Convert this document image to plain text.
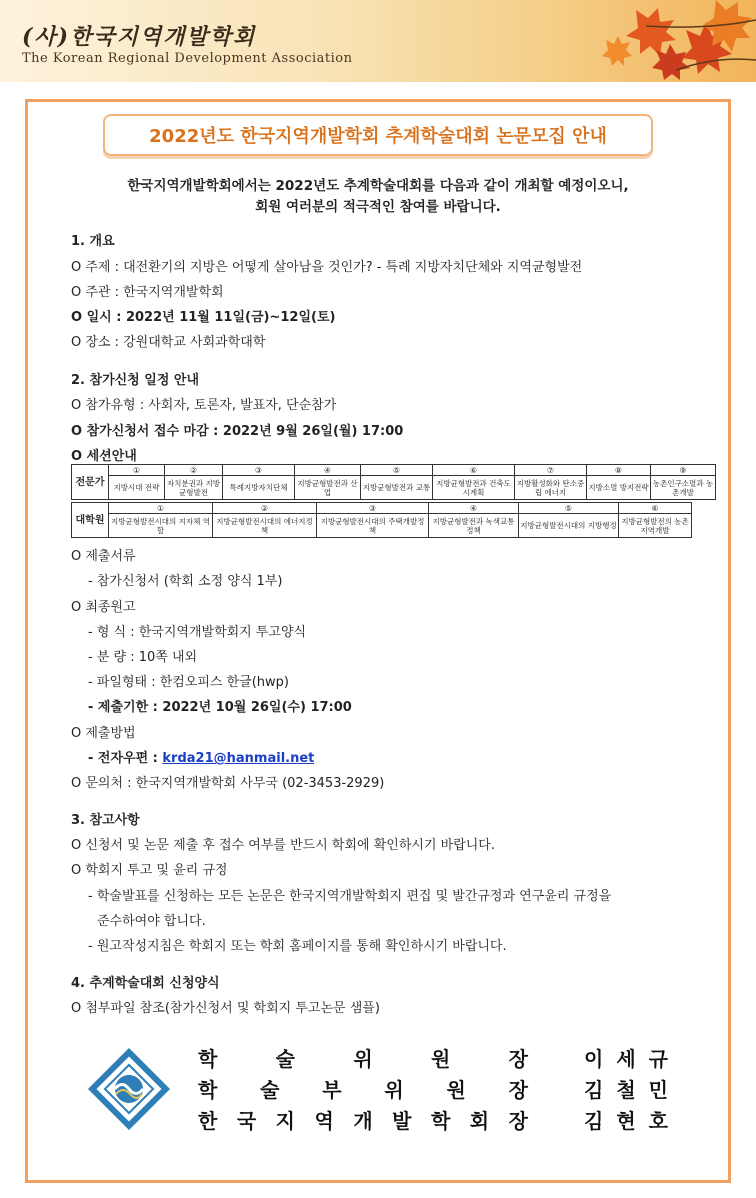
(사)한국지역개발학회
The Korean Regional Development Association
2022년도 한국지역개발학회 추계학술대회 논문모집 안내
한국지역개발학회에서는 2022년도 추계학술대회를 다음과 같이 개최할 예정이오니,
회원 여러분의 적극적인 참여를 바랍니다.
1. 개요
O 주제 : 대전환기의 지방은 어떻게 살아남을 것인가? - 특례 지방자치단체와 지역균형발전
O 주관 : 한국지역개발학회
O 일시 : 2022년 11월 11일(금)~12일(토)
O 장소 : 강원대학교 사회과학대학
2. 참가신청 일정 안내
O 참가유형 : 사회자, 토론자, 발표자, 단순참가
O 참가신청서 접수 마감 : 2022년 9월 26일(월) 17:00
O 세션안내
전문가	①	②	③	④	⑤	⑥	⑦	⑧	⑨
	지방시대 전략	자치분권과 지방균형발전	특례지방자치단체	지방균형발전과 산업	지방균형발전과 교통	지방균형발전과 건축도시계획	지방활성화와 탄소중립 에너지	지방소멸 방지전략	농촌인구소멸과 농촌개발
대학원	①	②	③	④	⑤	⑥
	지방균형발전시대의 지자체 역할	지방균형발전시대의 에너지정책	지방균형발전시대의 주택개발정책	지방균형발전과 녹색교통정책	지방균형발전시대의 지방행정	지방균형발전의 농촌지역개발
O 제출서류
- 참가신청서 (학회 소정 양식 1부)
O 최종원고
- 형 식 : 한국지역개발학회지 투고양식
- 분 량 : 10쪽 내외
- 파일형태 : 한컴오피스 한글(hwp)
- 제출기한 : 2022년 10월 26일(수) 17:00
O 제출방법
- 전자우편 : krda21@hanmail.net
O 문의처 : 한국지역개발학회 사무국 (02-3453-2929)
3. 참고사항
O 신청서 및 논문 제출 후 접수 여부를 반드시 학회에 확인하시기 바랍니다.
O 학회지 투고 및 윤리 규정
- 학술발표를 신청하는 모든 논문은 한국지역개발학회지 편집 및 발간규정과 연구윤리 규정을
준수하여야 합니다.
- 원고작성지침은 학회지 또는 학회 홈페이지를 통해 확인하시기 바랍니다.
4. 추계학술대회 신청양식
O 첨부파일 참조(참가신청서 및 학회지 투고논문 샘플)
학	술	위	원	장	이 세 규
학 술 부 위 원 장	김 철 민
한 국 지 역 개 발 학 회 장	김 현 호
